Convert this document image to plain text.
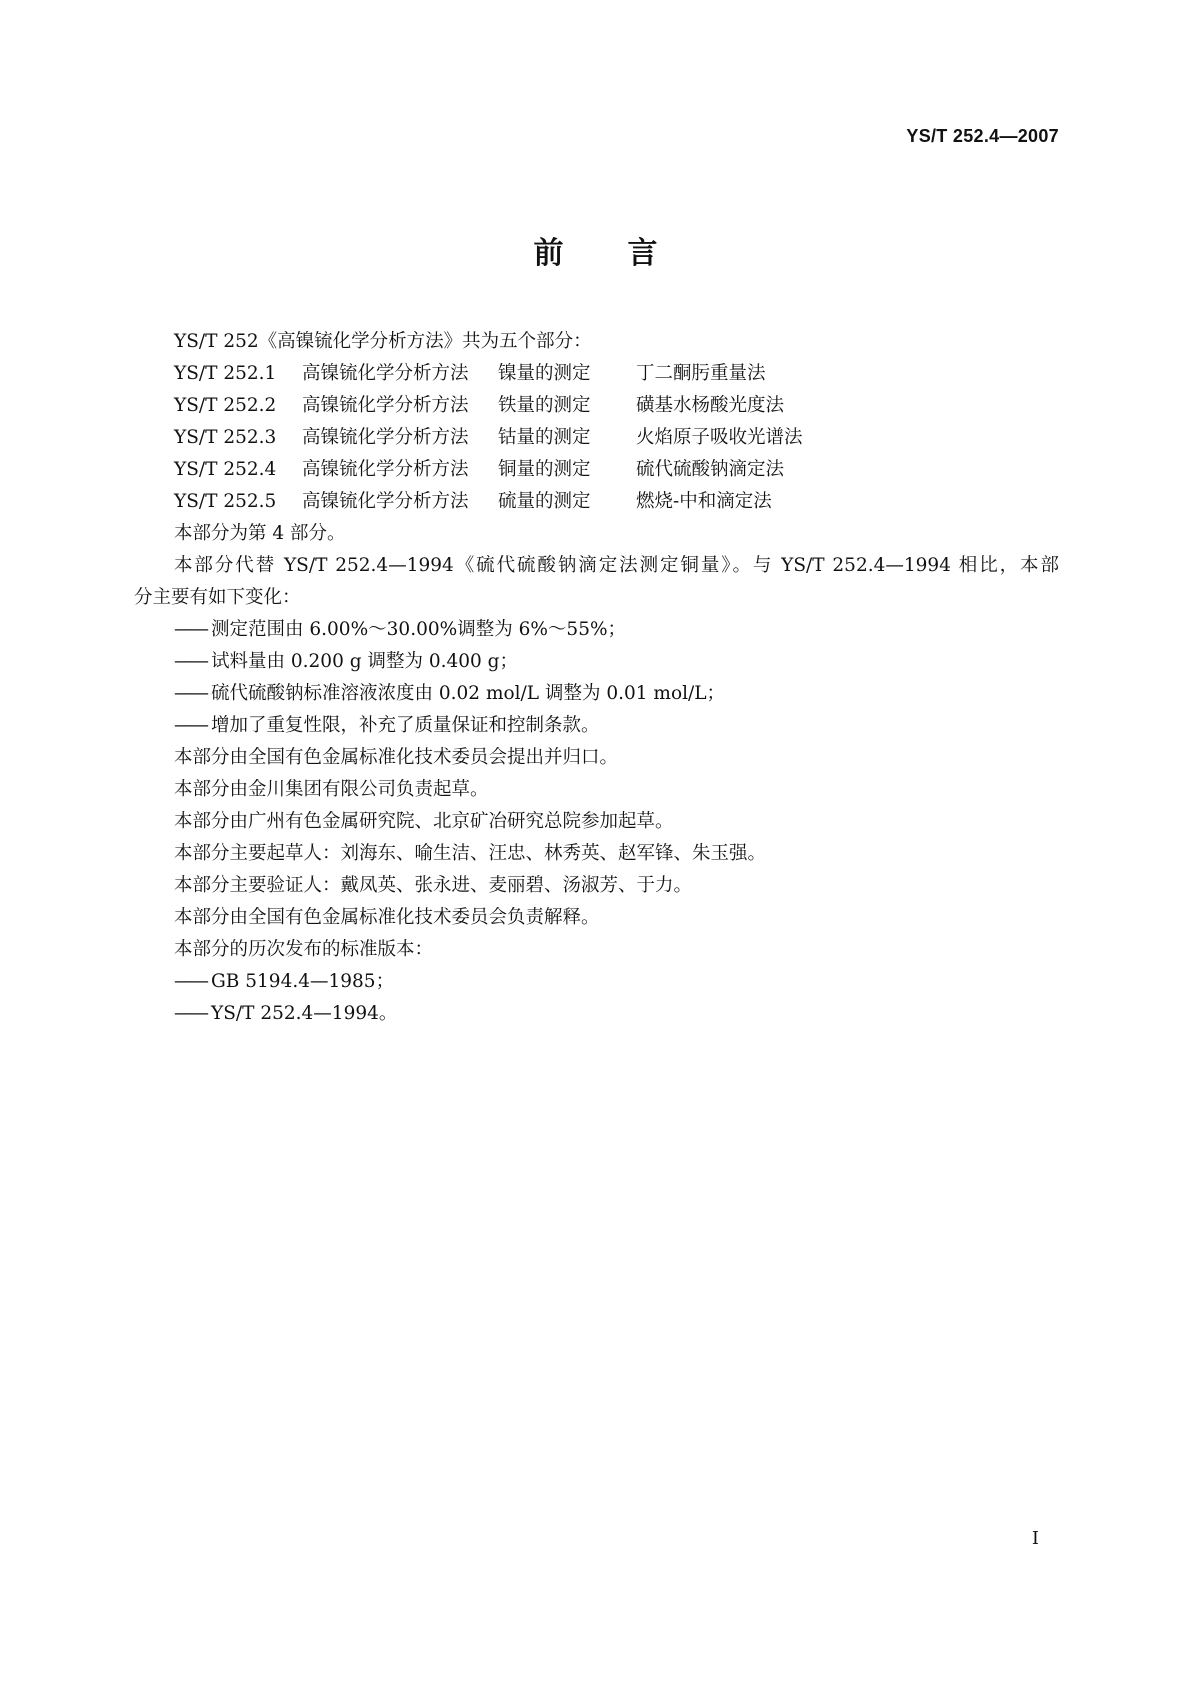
YS/T 252.4—2007
前言
YS/T 252《高镍锍化学分析方法》共为五个部分：
YS/T 252.1	高镍锍化学分析方法	镍量的测定	丁二酮肟重量法
YS/T 252.2	高镍锍化学分析方法	铁量的测定	磺基水杨酸光度法
YS/T 252.3	高镍锍化学分析方法	钴量的测定	火焰原子吸收光谱法
YS/T 252.4	高镍锍化学分析方法	铜量的测定	硫代硫酸钠滴定法
YS/T 252.5	高镍锍化学分析方法	硫量的测定	燃烧-中和滴定法
本部分为第 4 部分。
本部分代替 YS/T 252.4—1994《硫代硫酸钠滴定法测定铜量》。与 YS/T 252.4—1994 相比，本部
分主要有如下变化：
—— 测定范围由 6.00%～30.00%调整为 6%～55%；
—— 试料量由 0.200 g 调整为 0.400 g；
—— 硫代硫酸钠标准溶液浓度由 0.02 mol/L 调整为 0.01 mol/L；
—— 增加了重复性限，补充了质量保证和控制条款。
本部分由全国有色金属标准化技术委员会提出并归口。
本部分由金川集团有限公司负责起草。
本部分由广州有色金属研究院、北京矿冶研究总院参加起草。
本部分主要起草人：刘海东、喻生洁、汪忠、林秀英、赵军锋、朱玉强。
本部分主要验证人：戴凤英、张永进、麦丽碧、汤淑芳、于力。
本部分由全国有色金属标准化技术委员会负责解释。
本部分的历次发布的标准版本：
—— GB 5194.4—1985；
—— YS/T 252.4—1994。
I
